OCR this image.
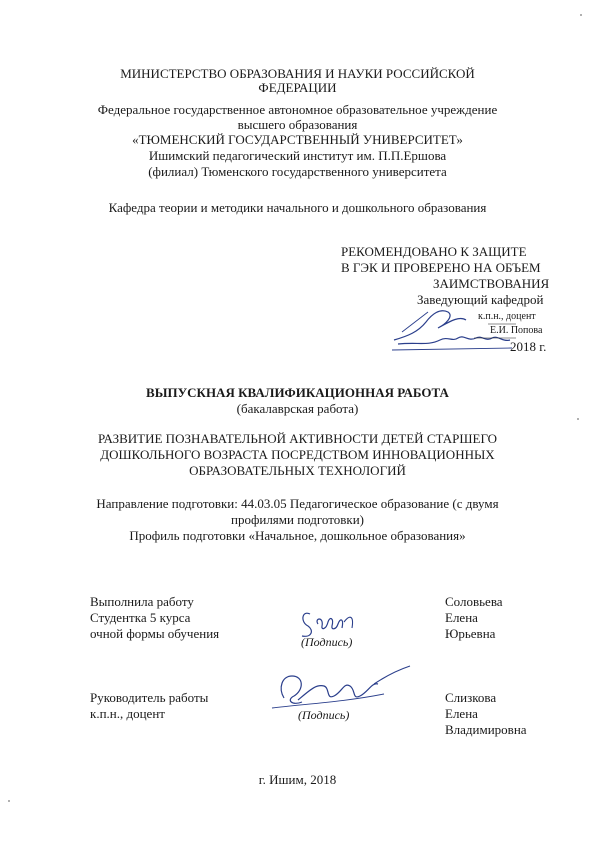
МИНИСТЕРСТВО ОБРАЗОВАНИЯ И НАУКИ РОССИЙСКОЙ
ФЕДЕРАЦИИ
Федеральное государственное автономное образовательное учреждение
высшего образования
«ТЮМЕНСКИЙ ГОСУДАРСТВЕННЫЙ УНИВЕРСИТЕТ»
Ишимский педагогический институт им. П.П.Ершова
(филиал) Тюменского государственного университета
Кафедра теории и методики начального и дошкольного образования
РЕКОМЕНДОВАНО К ЗАЩИТЕ
В ГЭК И ПРОВЕРЕНО НА ОБЪЕМ
ЗАИМСТВОВАНИЯ
Заведующий кафедрой
к.п.н., доцент
Е.И. Попова
2018 г.
ВЫПУСКНАЯ КВАЛИФИКАЦИОННАЯ РАБОТА
(бакалаврская работа)
РАЗВИТИЕ ПОЗНАВАТЕЛЬНОЙ АКТИВНОСТИ ДЕТЕЙ СТАРШЕГО
ДОШКОЛЬНОГО ВОЗРАСТА ПОСРЕДСТВОМ ИННОВАЦИОННЫХ
ОБРАЗОВАТЕЛЬНЫХ ТЕХНОЛОГИЙ
Направление подготовки: 44.03.05 Педагогическое образование (с двумя
профилями подготовки)
Профиль подготовки «Начальное, дошкольное образования»
Выполнила работу
Студентка 5 курса
очной формы обучения
(Подпись)
Соловьева
Елена
Юрьевна
Руководитель работы
к.п.н., доцент	(Подпись)
Слизкова
Елена
Владимировна
г. Ишим, 2018
